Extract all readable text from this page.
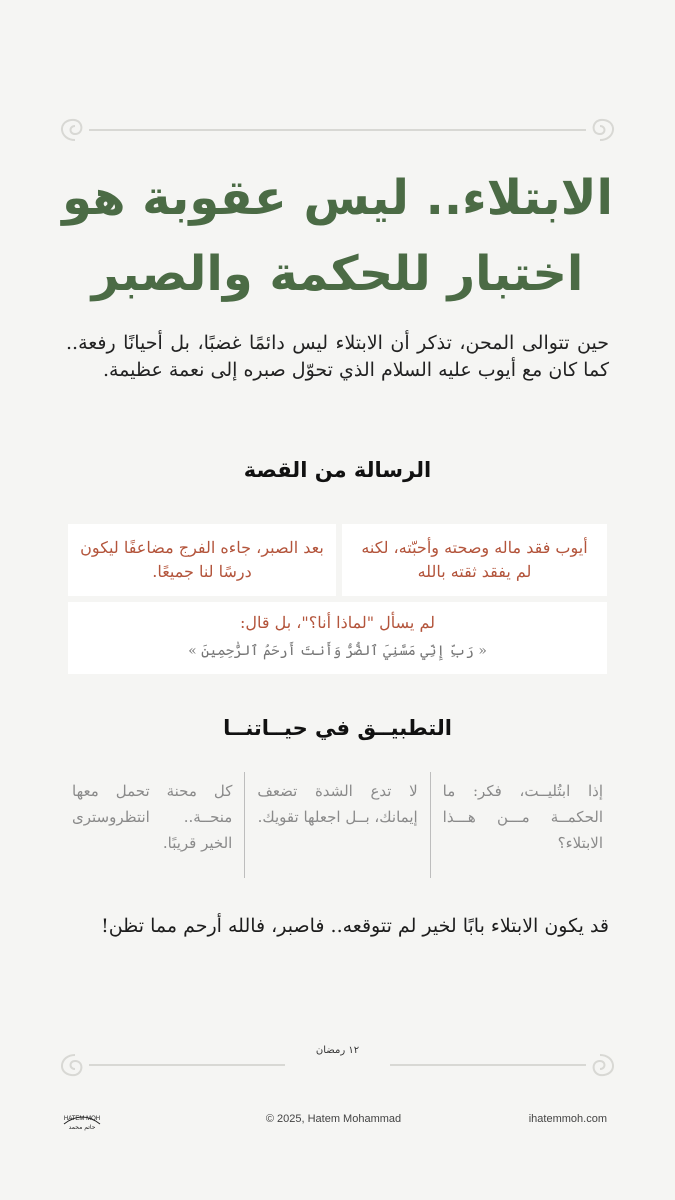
الابتلاء.. ليس عقوبة هو
اختبار للحكمة والصبر

حين تتوالى المحن، تذكر أن الابتلاء ليس دائمًا غضبًا، بل أحيانًا رفعة.. كما كان مع أيوب عليه السلام الذي تحوّل صبره إلى نعمة عظيمة.

الرسالة من القصة
أيوب فقد ماله وصحته وأحبّته، لكنه لم يفقد ثقته بالله
بعد الصبر، جاءه الفرج مضاعفًا ليكون درسًا لنا جميعًا.
لم يسأل "لماذا أنا؟"، بل قال:
« رَبِّ إِنِّي مَسَّنِيَ ٱلضُّرُّ وَأَنتَ أَرحَمُ ٱلرَّٰحِمِينَ »
التطبيــق في حيــاتنــا
إذا ابتُليــت، فكر: ما الحكمــة مـــن هـــذا الابتلاء؟
لا تدع الشدة تضعف إيمانك، بــل اجعلها تقويك.
كل محنة تحمل معها منحــة.. انتظروسترى الخير قريبًا.

قد يكون الابتلاء بابًا لخير لم تتوقعه.. فاصبر، فالله أرحم مما تظن!

١٢ رمضان
HATEM MOH
حاتم محمد
© 2025, Hatem Mohammad	ihatemmoh.com
